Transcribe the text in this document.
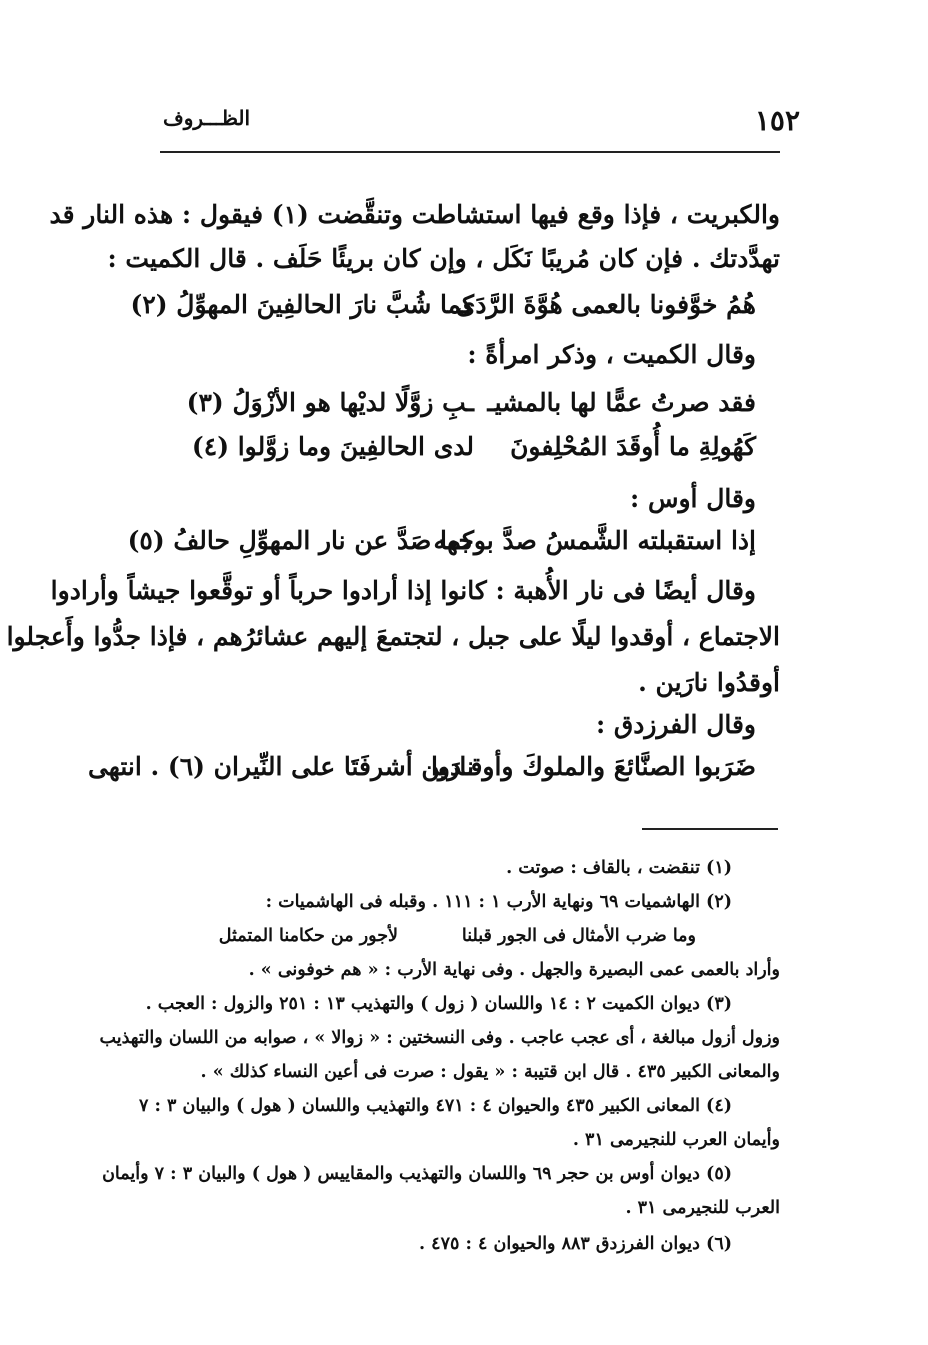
١٥٢
الظـــروف
والكبريت ، فإذا وقع فيها استشاطت وتنقَّضت (١) فيقول : هذه النار قد
تهدَّدتك . فإن كان مُريبًا نَكَل ، وإن كان بريئًا حَلَف . قال الكميت :
هُمُ خوَّفونا بالعمى هُوَّةَ الرَّدَى
كما شُبَّ نارَ الحالفِينَ المهوِّلُ (٢)
وقال الكميت ، وذكر امرأةً :
فقد صرتُ عمًّا لها بالمشيـ
ـبِ زوَّلًا لديْها هو الأزْوَلُ (٣)
كَهُولِةِ ما أُوقَدَ المُحْلِفونَ
لدى الحالفِينَ وما زوَّلوا (٤)
وقال أوس :
إذا استقبلته الشَّمسُ صدَّ بوجهه
كما صَدَّ عن نار المهوِّلِ حالفُ (٥)
وقال أيضًا فى نار الأُهبة : كانوا إذا أرادوا حرباً أو توقَّعوا جيشاً وأرادوا
الاجتماع ، أوقدوا ليلًا على جبل ، لتجتمعَ إليهم عشائرُهم ، فإذا جدُّوا وأَعجلوا
أوقدُوا نارَين .
وقال الفرزدق :
ضَرَبوا الصنَّائعَ والملوكَ وأوقـدوا
نارَين أشرفَتَا على النِّيران (٦) . انتهى
(١) تنقضت ، بالقاف : صوتت .
(٢) الهاشميات ٦٩ ونهاية الأرب ١ : ١١١ . وقبله فى الهاشميات :
وما ضرب الأمثال فى الجور قبلنا
لأجور من حكامنا المتمثل
وأراد بالعمى عمى البصيرة والجهل . وفى نهاية الأرب : « هم خوفونى » .
(٣) ديوان الكميت ٢ : ١٤ واللسان ( زول ) والتهذيب ١٣ : ٢٥١ والزول : العجب .
وزول أزول مبالغة ، أى عجب عاجب . وفى النسختين : « زوالا » ، صوابه من اللسان والتهذيب
والمعانى الكبير ٤٣٥ . قال ابن قتيبة : « يقول : صرت فى أعين النساء كذلك » .
(٤) المعانى الكبير ٤٣٥ والحيوان ٤ : ٤٧١ والتهذيب واللسان ( هول ) والبيان ٣ : ٧
وأيمان العرب للنجيرمى ٣١ .
(٥) ديوان أوس بن حجر ٦٩ واللسان والتهذيب والمقاييس ( هول ) والبيان ٣ : ٧ وأيمان
العرب للنجيرمى ٣١ .
(٦) ديوان الفرزدق ٨٨٣ والحيوان ٤ : ٤٧٥ .
